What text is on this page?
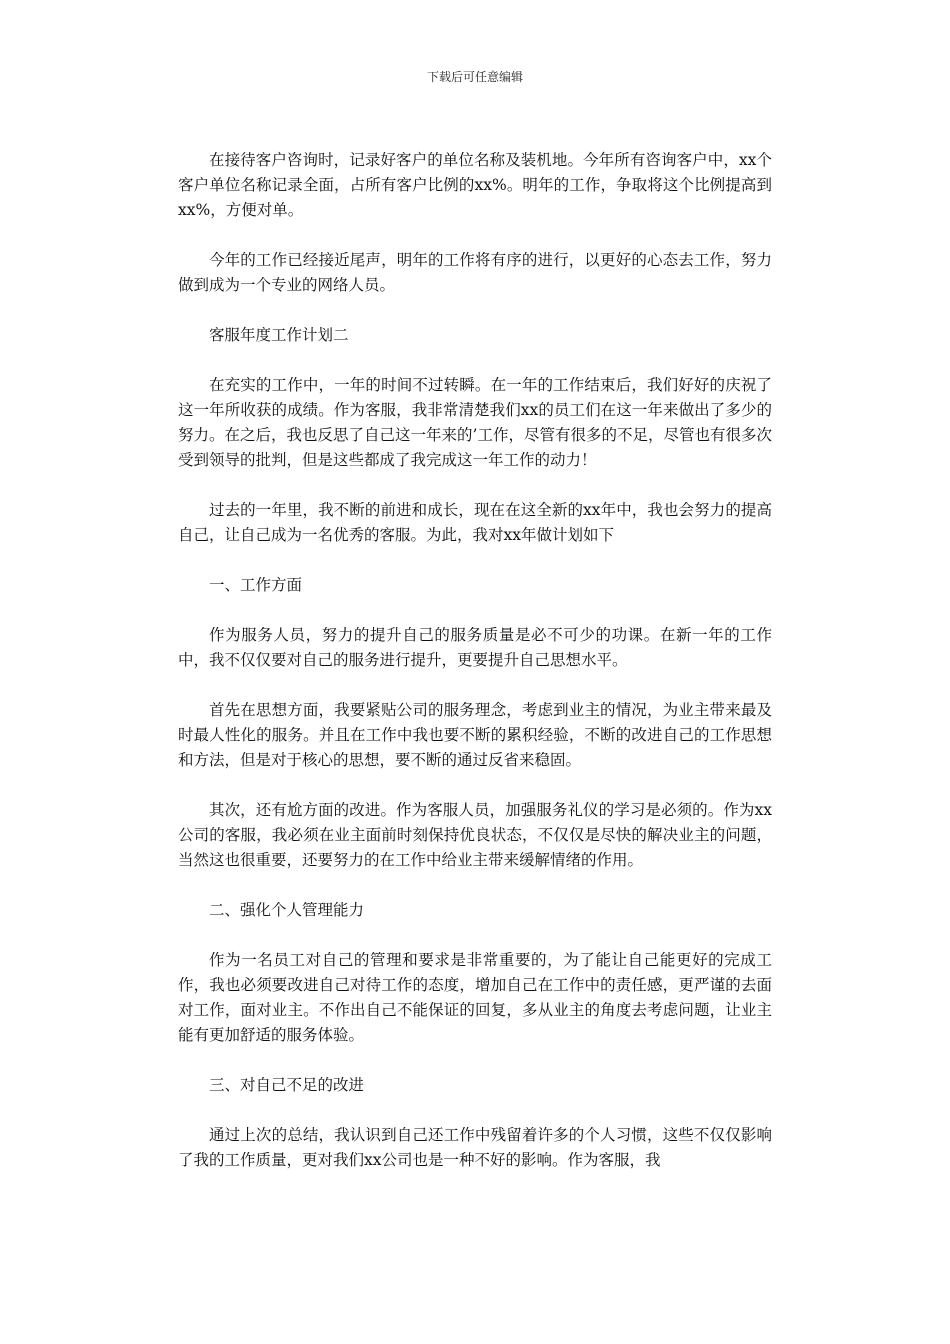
下载后可任意编辑

在接待客户咨询时，记录好客户的单位名称及装机地。今年所有咨询客户中，xx个客户单位名称记录全面，占所有客户比例的xx%。明年的工作，争取将这个比例提高到xx%，方便对单。

今年的工作已经接近尾声，明年的工作将有序的进行，以更好的心态去工作，努力做到成为一个专业的网络人员。

客服年度工作计划二

在充实的工作中，一年的时间不过转瞬。在一年的工作结束后，我们好好的庆祝了这一年所收获的成绩。作为客服，我非常清楚我们xx的员工们在这一年来做出了多少的努力。在之后，我也反思了自己这一年来的’工作，尽管有很多的不足，尽管也有很多次受到领导的批判，但是这些都成了我完成这一年工作的动力！

过去的一年里，我不断的前进和成长，现在在这全新的xx年中，我也会努力的提高自己，让自己成为一名优秀的客服。为此，我对xx年做计划如下

一、工作方面

作为服务人员，努力的提升自己的服务质量是必不可少的功课。在新一年的工作中，我不仅仅要对自己的服务进行提升，更要提升自己思想水平。

首先在思想方面，我要紧贴公司的服务理念，考虑到业主的情况，为业主带来最及时最人性化的服务。并且在工作中我也要不断的累积经验，不断的改进自己的工作思想和方法，但是对于核心的思想，要不断的通过反省来稳固。

其次，还有尬方面的改进。作为客服人员，加强服务礼仪的学习是必须的。作为xx公司的客服，我必须在业主面前时刻保持优良状态，不仅仅是尽快的解决业主的问题，当然这也很重要，还要努力的在工作中给业主带来缓解情绪的作用。

二、强化个人管理能力

作为一名员工对自己的管理和要求是非常重要的，为了能让自己能更好的完成工作，我也必须要改进自己对待工作的态度，增加自己在工作中的责任感，更严谨的去面对工作，面对业主。不作出自己不能保证的回复，多从业主的角度去考虑问题，让业主能有更加舒适的服务体验。

三、对自己不足的改进

通过上次的总结，我认识到自己还工作中残留着许多的个人习惯，这些不仅仅影响了我的工作质量，更对我们xx公司也是一种不好的影响。作为客服，我
